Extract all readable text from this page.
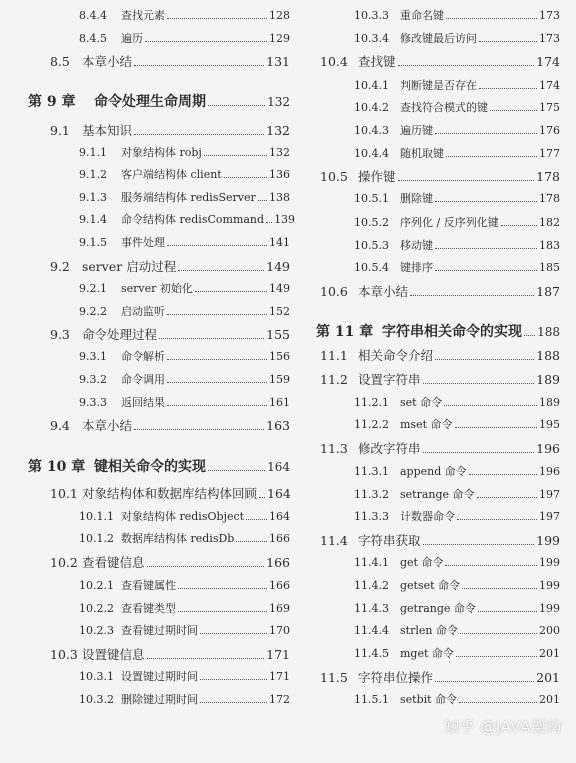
8.4.4	查找元素	128
8.4.5	遍历	129
8.5 本章小结	131
第 9 章	命令处理生命周期	132
9.1 基本知识	132
9.1.1	对象结构体 robj	132
9.1.2	客户端结构体 client	136
9.1.3	服务端结构体 redisServer 138
9.1.4	命令结构体 redisCommand 139
9.1.5	事件处理	141
9.2 server 启动过程	149
9.2.1	server 初始化	149
9.2.2	启动监听	152
9.3 命令处理过程	155
9.3.1	命令解析	156
9.3.2	命令调用	159
9.3.3	返回结果	161
9.4 本章小结	163
第 10 章 键相关命令的实现	164
10.1 对象结构体和数据库结构体回顾 164
10.1.1 对象结构体 redisObject 164
10.1.2 数据库结构体 redisDb	166
10.2 查看键信息	166
10.2.1 查看键属性	166
10.2.2 查看键类型	169
10.2.3 查看键过期时间	170
10.3 设置键信息	171
10.3.1 设置键过期时间	171
10.3.2 删除键过期时间	172
10.3.3	重命名键	173
10.3.4	修改键最后访问	173
10.4 查找键	174
10.4.1	判断键是否存在	174
10.4.2	查找符合模式的键	175
10.4.3	遍历键	176
10.4.4	随机取键	177
10.5 操作键	178
10.5.1	删除键	178
10.5.2	序列化 / 反序列化键	182
10.5.3	移动键	183
10.5.4	键排序	185
10.6 本章小结	187
第 11 章 字符串相关命令的实现 188
11.1 相关命令介绍	188
11.2 设置字符串	189
11.2.1	set 命令	189
11.2.2	mset 命令	195
11.3 修改字符串	196
11.3.1	append 命令	196
11.3.2	setrange 命令	197
11.3.3	计数器命令	197
11.4 字符串获取	199
11.4.1	get 命令	199
11.4.2	getset 命令	199
11.4.3	getrange 命令	199
11.4.4	strlen 命令	200
11.4.5	mget 命令	201
11.5 字符串位操作	201
11.5.1	setbit 命令	201
知乎 @JAVA架构
